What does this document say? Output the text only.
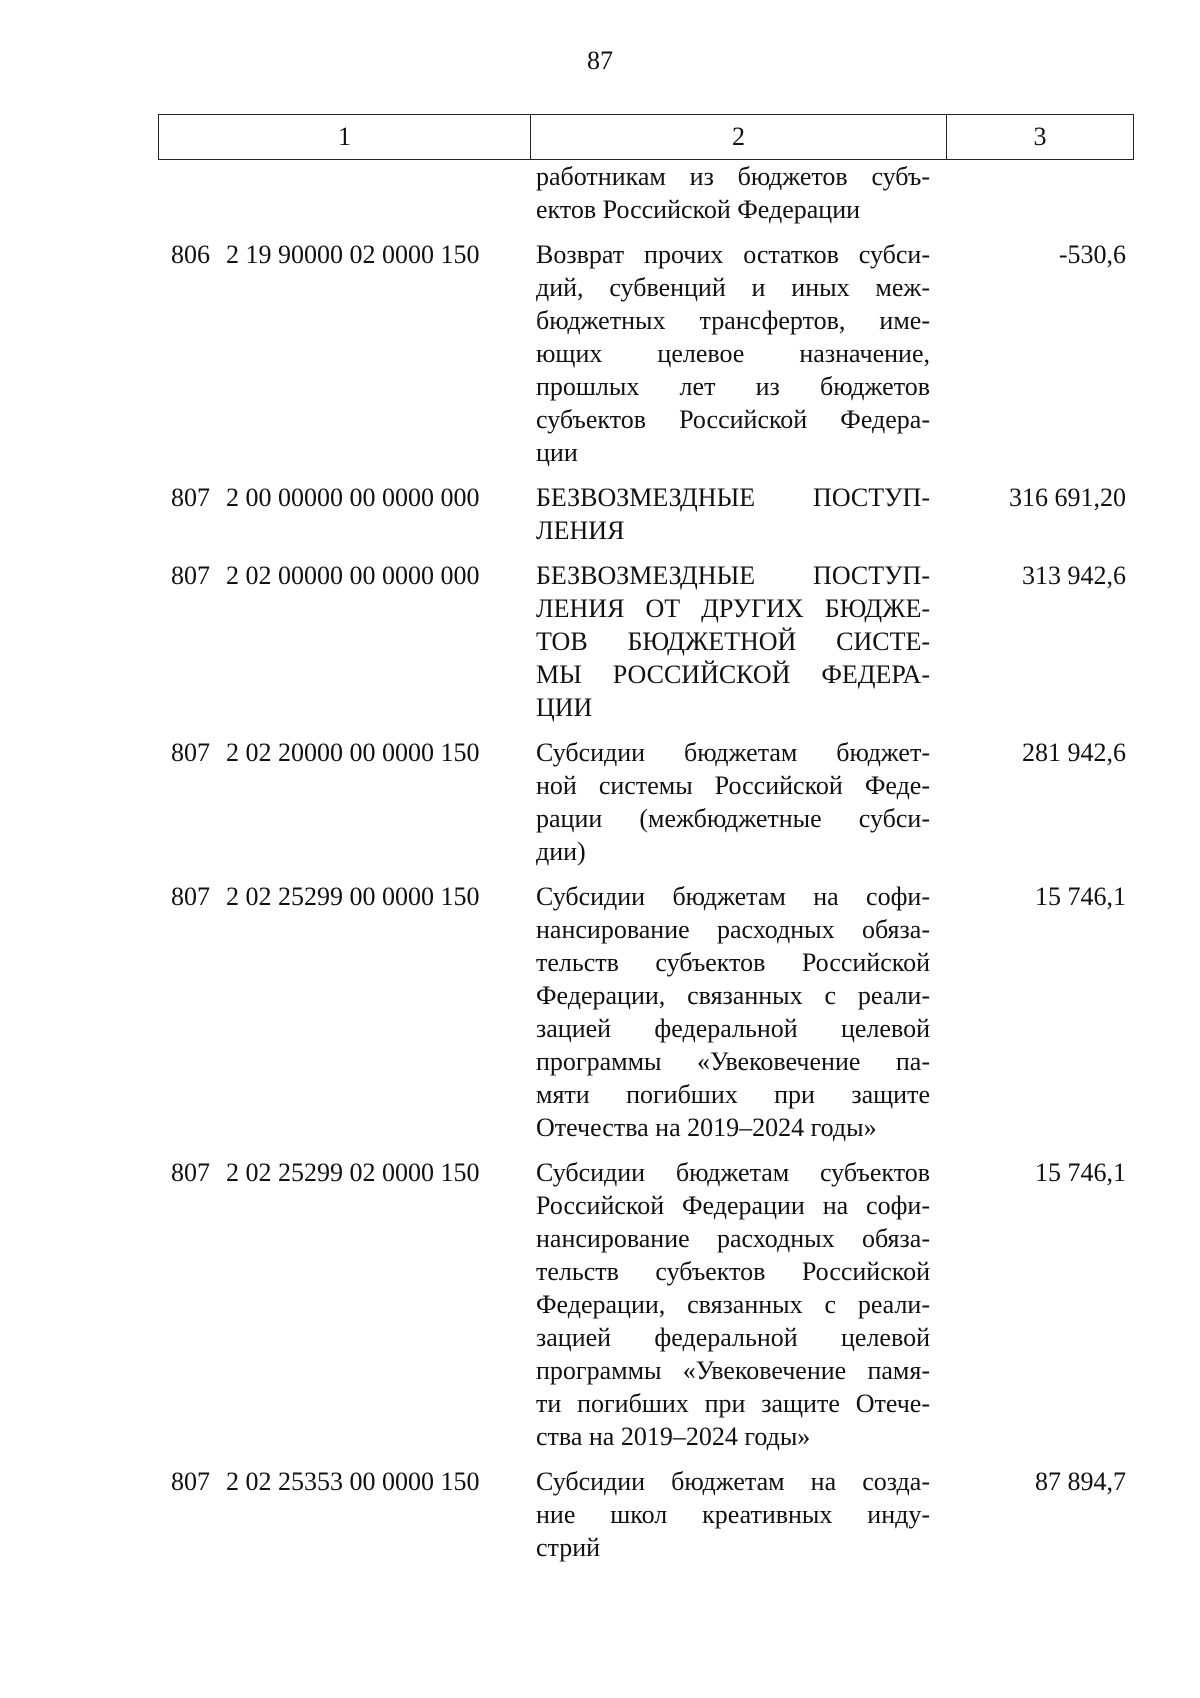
87
1	2	3
работникам из бюджетов субъ-
ектов Российской Федерации
806 2 19 90000 02 0000 150	Возврат прочих остатков субси-
дий, субвенций и иных меж-
бюджетных трансфертов, име-
ющих целевое назначение,
прошлых лет из бюджетов
субъектов Российской Федера-
ции
-530,6
807 2 00 00000 00 0000 000	БЕЗВОЗМЕЗДНЫЕ ПОСТУП-
ЛЕНИЯ
316 691,20
807 2 02 00000 00 0000 000	БЕЗВОЗМЕЗДНЫЕ ПОСТУП-
ЛЕНИЯ ОТ ДРУГИХ БЮДЖЕ-
ТОВ БЮДЖЕТНОЙ СИСТЕ-
МЫ РОССИЙСКОЙ ФЕДЕРА-
ЦИИ
313 942,6
807 2 02 20000 00 0000 150	Субсидии бюджетам бюджет-
ной системы Российской Феде-
рации (межбюджетные субси-
дии)
281 942,6
807 2 02 25299 00 0000 150	Субсидии бюджетам на софи-
нансирование расходных обяза-
тельств субъектов Российской
Федерации, связанных с реали-
зацией федеральной целевой
программы «Увековечение па-
мяти погибших при защите
Отечества на 2019–2024 годы»
15 746,1
807 2 02 25299 02 0000 150	Субсидии бюджетам субъектов
Российской Федерации на софи-
нансирование расходных обяза-
тельств субъектов Российской
Федерации, связанных с реали-
зацией федеральной целевой
программы «Увековечение памя-
ти погибших при защите Отече-
ства на 2019–2024 годы»
15 746,1
807 2 02 25353 00 0000 150	Субсидии бюджетам на созда-
ние школ креативных инду-
стрий
87 894,7
